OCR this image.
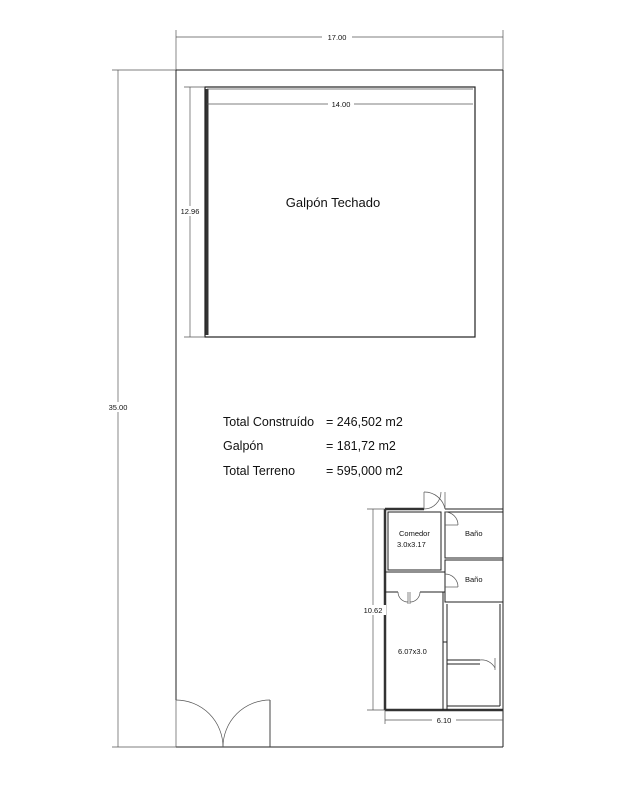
17.00
35.00
Galpón Techado
14.00
12.96
Total Construído = 246,502 m2
Galpón	= 181,72 m2
Total Terreno = 595,000 m2
Comedor
3.0x3.17
Baño
Baño
6.07x3.0
10.62
6.10
